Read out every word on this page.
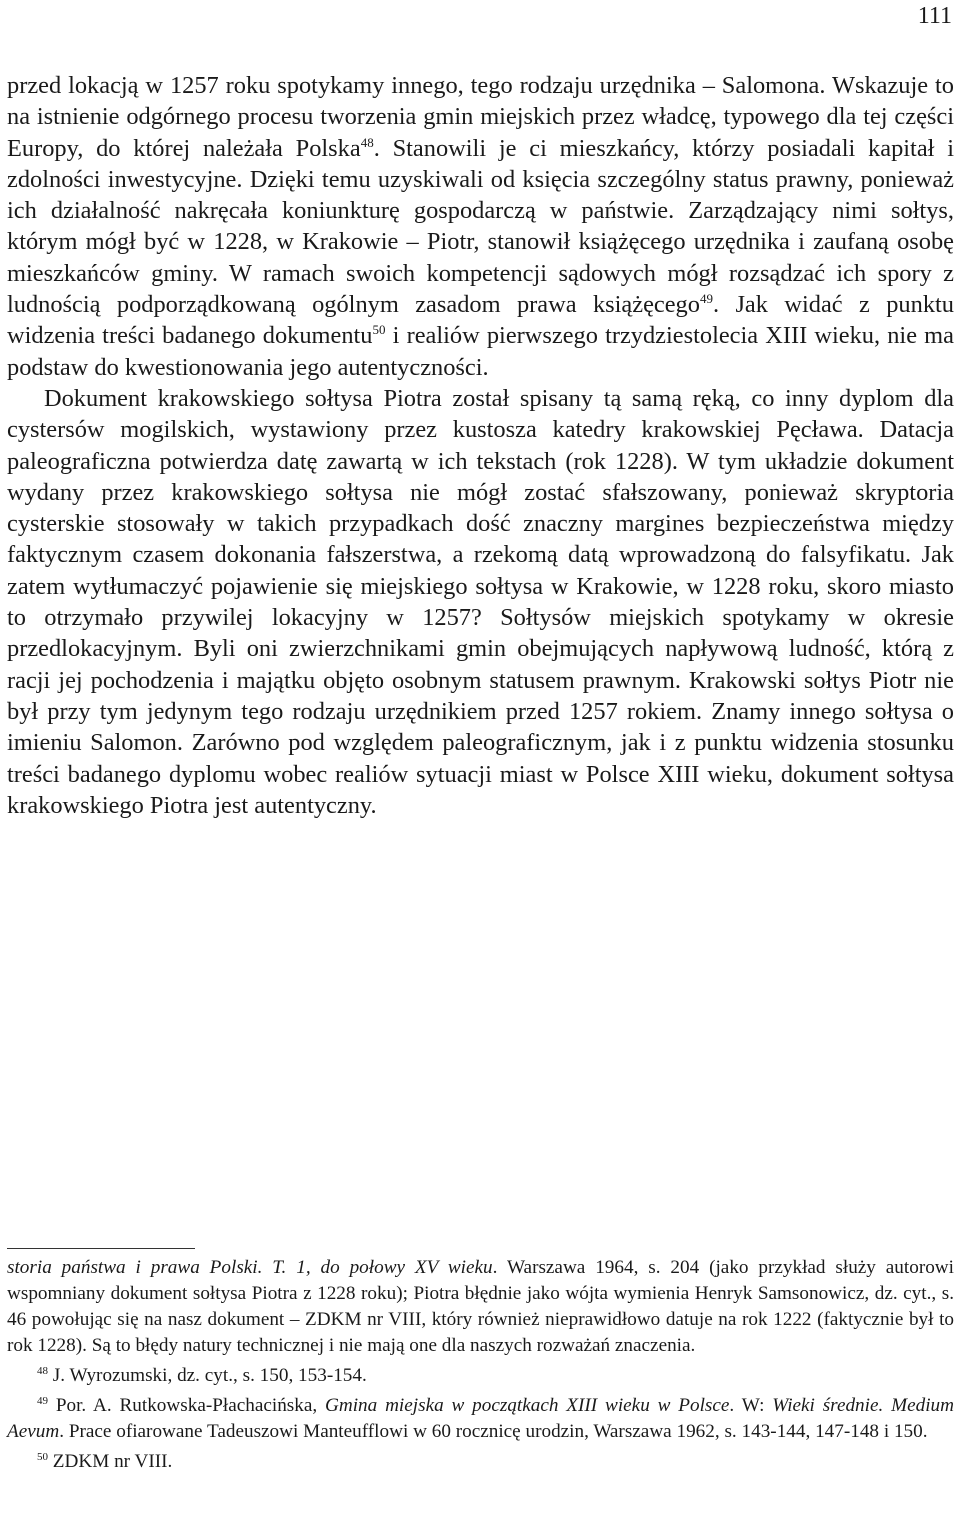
111

przed lokacją w 1257 roku spotykamy innego, tego rodzaju urzędnika – Salomona. Wskazuje to na istnienie odgórnego procesu tworzenia gmin miejskich przez władcę, typowego dla tej części Europy, do której należała Polska$^{48}$. Stanowili je ci mieszkańcy, którzy posiadali kapitał i zdolności inwestycyjne. Dzięki temu uzyskiwali od księcia szczególny status prawny, ponieważ ich działalność nakręcała koniunkturę gospodarczą w państwie. Zarządzający nimi sołtys, którym mógł być w 1228, w Krakowie – Piotr, stanowił książęcego urzędnika i zaufaną osobę mieszkańców gminy. W ramach swoich kompetencji sądowych mógł rozsądzać ich spory z ludnością podporządkowaną ogólnym zasadom prawa książęcego$^{49}$. Jak widać z punktu widzenia treści badanego dokumentu$^{50}$ i realiów pierwszego trzydziestolecia XIII wieku, nie ma podstaw do kwestionowania jego autentyczności.

Dokument krakowskiego sołtysa Piotra został spisany tą samą ręką, co inny dyplom dla cystersów mogilskich, wystawiony przez kustosza katedry krakowskiej Pęcława. Datacja paleograficzna potwierdza datę zawartą w ich tekstach (rok 1228). W tym układzie dokument wydany przez krakowskiego sołtysa nie mógł zostać sfałszowany, ponieważ skryptoria cysterskie stosowały w takich przypadkach dość znaczny margines bezpieczeństwa między faktycznym czasem dokonania fałszerstwa, a rzekomą datą wprowadzoną do falsyfikatu. Jak zatem wytłumaczyć pojawienie się miejskiego sołtysa w Krakowie, w 1228 roku, skoro miasto to otrzymało przywilej lokacyjny w 1257? Sołtysów miejskich spotykamy w okresie przedlokacyjnym. Byli oni zwierzchnikami gmin obejmujących napływową ludność, którą z racji jej pochodzenia i majątku objęto osobnym statusem prawnym. Krakowski sołtys Piotr nie był przy tym jedynym tego rodzaju urzędnikiem przed 1257 rokiem. Znamy innego sołtysa o imieniu Salomon. Zarówno pod względem paleograficznym, jak i z punktu widzenia stosunku treści badanego dyplomu wobec realiów sytuacji miast w Polsce XIII wieku, dokument sołtysa krakowskiego Piotra jest autentyczny.

storia państwa i prawa Polski. T. 1, do połowy XV wieku. Warszawa 1964, s. 204 (jako przykład służy autorowi wspomniany dokument sołtysa Piotra z 1228 roku); Piotra błędnie jako wójta wymienia Henryk Samsonowicz, dz. cyt., s. 46 powołując się na nasz dokument – ZDKM nr VIII, który również nieprawidłowo datuje na rok 1222 (faktycznie był to rok 1228). Są to błędy natury technicznej i nie mają one dla naszych rozważań znaczenia.

$^{48}$ J. Wyrozumski, dz. cyt., s. 150, 153-154.

$^{49}$ Por. A. Rutkowska-Płachacińska, Gmina miejska w początkach XIII wieku w Polsce. W: Wieki średnie. Medium Aevum. Prace ofiarowane Tadeuszowi Manteufflowi w 60 rocznicę urodzin, Warszawa 1962, s. 143-144, 147-148 i 150.

$^{50}$ ZDKM nr VIII.
